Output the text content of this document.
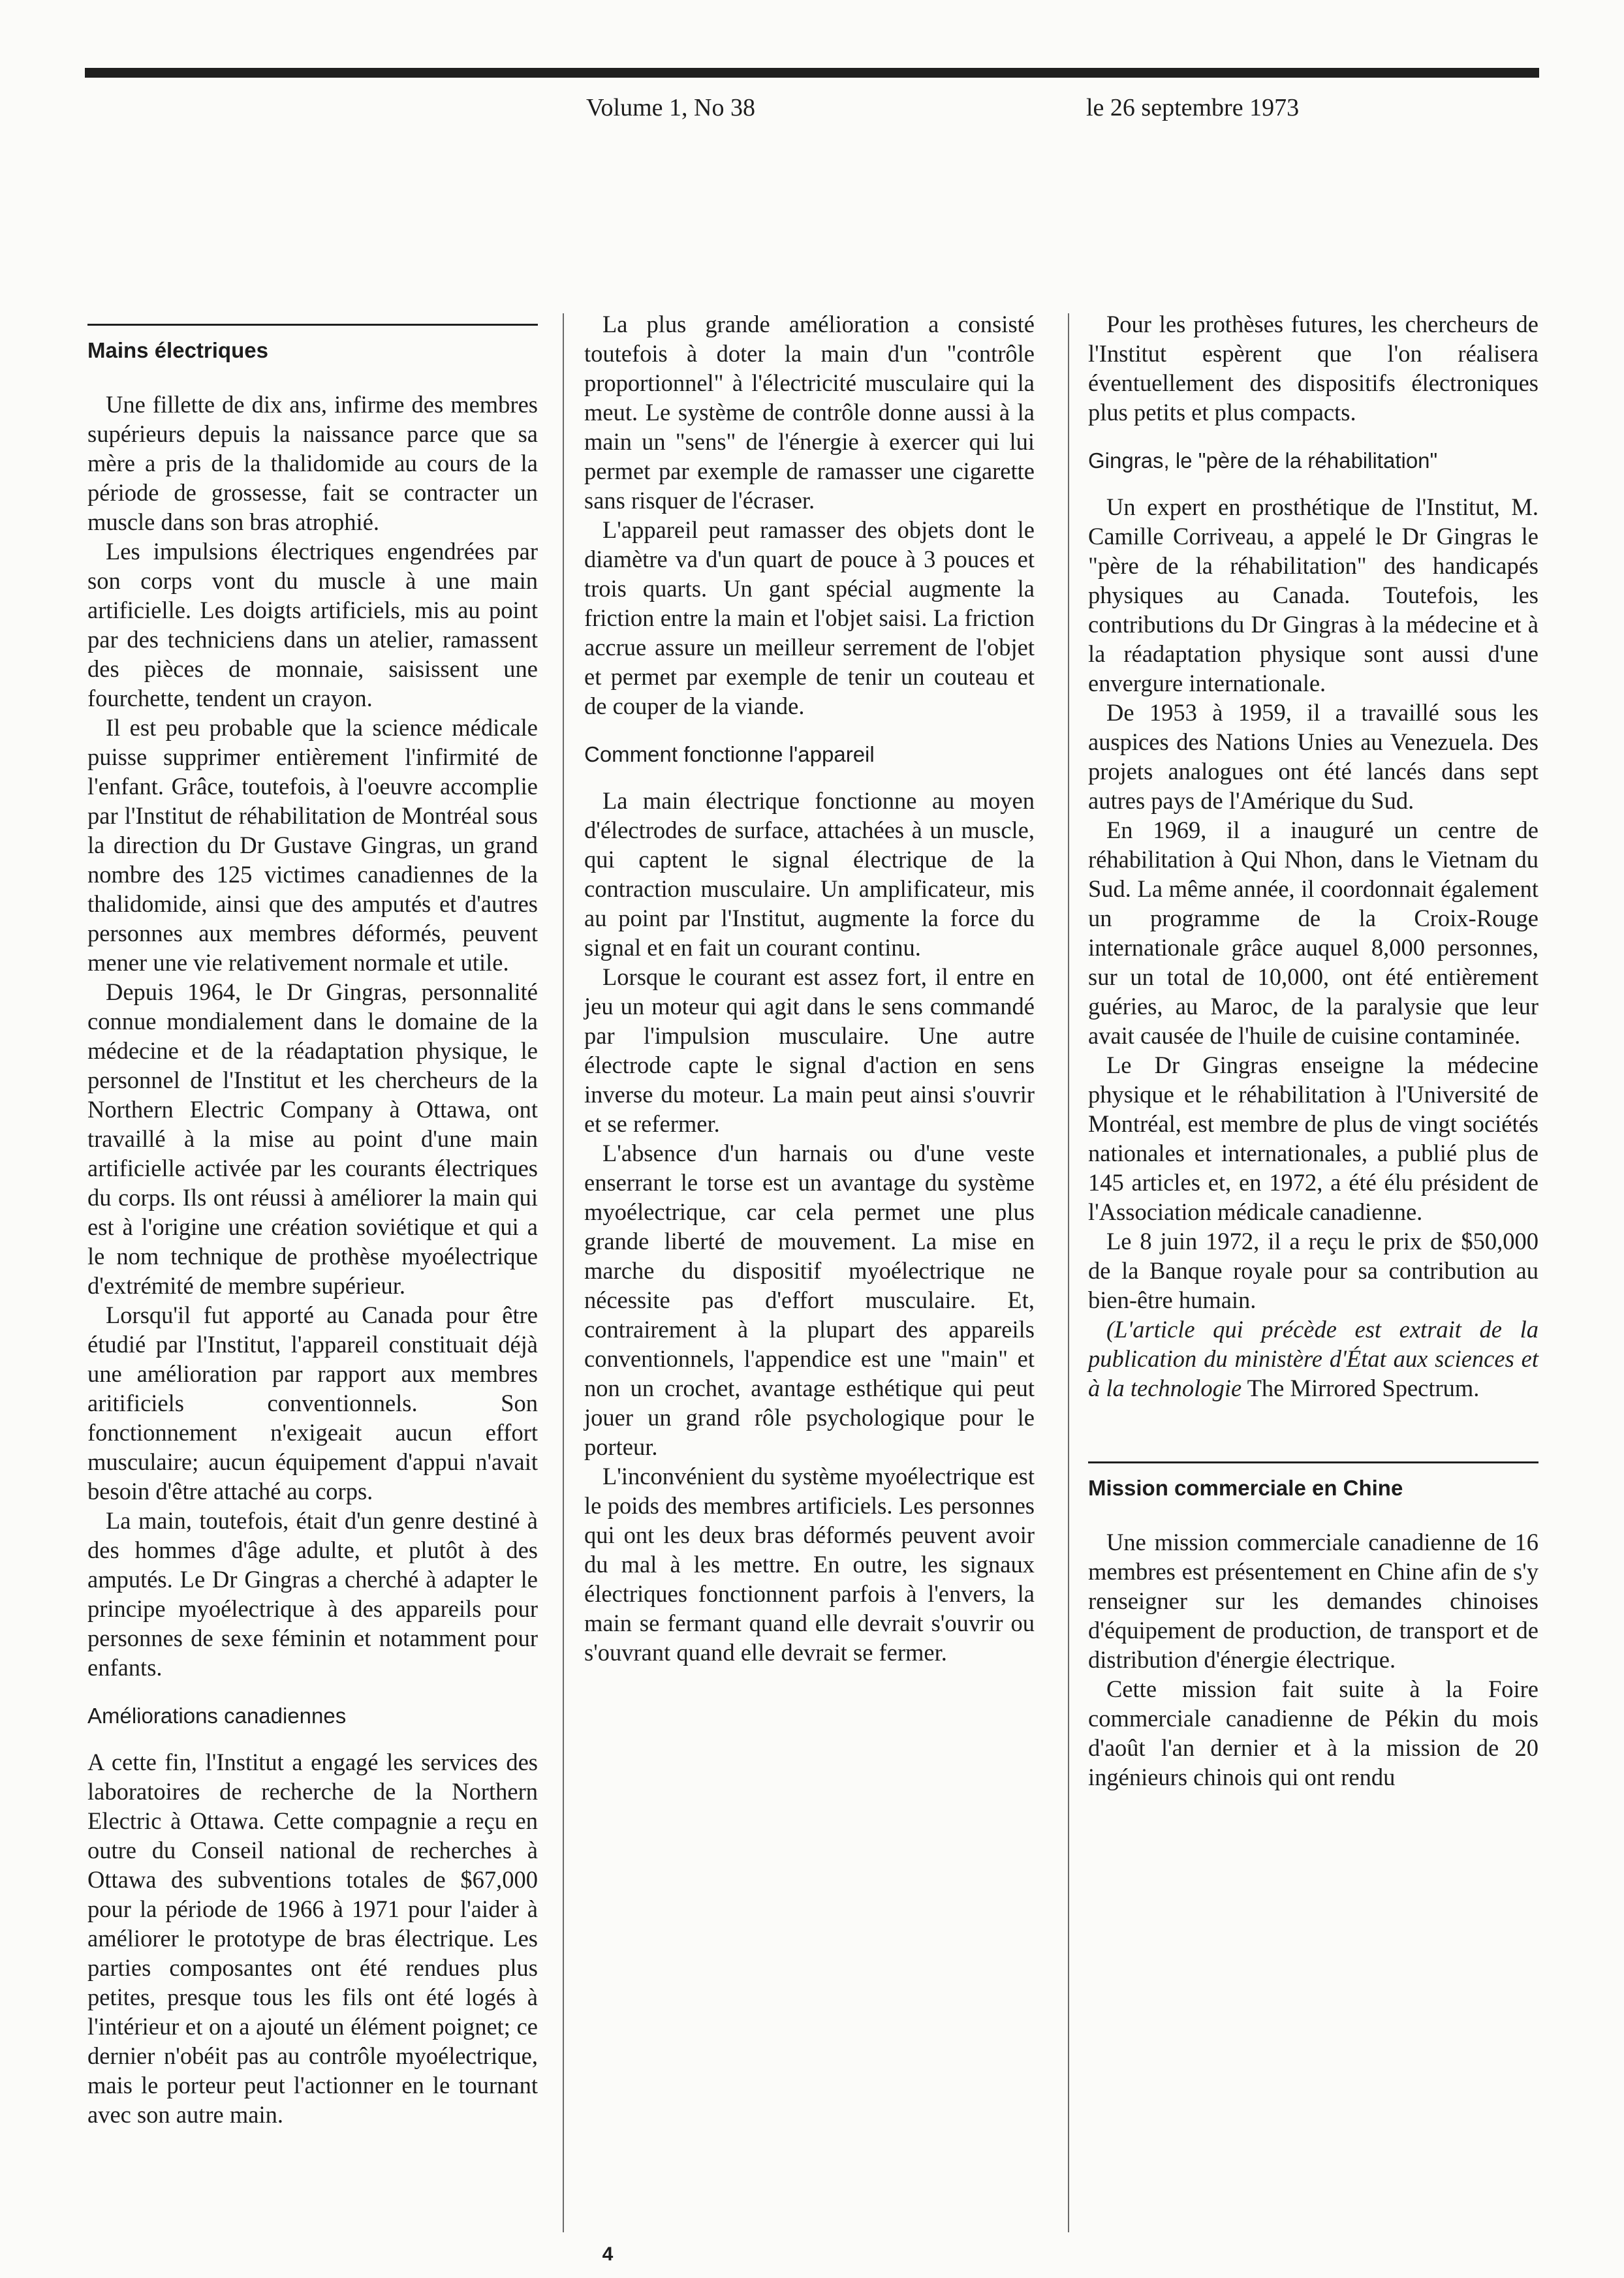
Volume 1, No 38	le 26 septembre 1973
Mains électriques

Une fillette de dix ans, infirme des membres supérieurs depuis la naissance parce que sa mère a pris de la thalidomide au cours de la période de grossesse, fait se contracter un muscle dans son bras atrophié.

Les impulsions électriques engendrées par son corps vont du muscle à une main artificielle. Les doigts artificiels, mis au point par des techniciens dans un atelier, ramassent des pièces de monnaie, saisissent une fourchette, tendent un crayon.

Il est peu probable que la science médicale puisse supprimer entièrement l'infirmité de l'enfant. Grâce, toutefois, à l'oeuvre accomplie par l'Institut de réhabilitation de Montréal sous la direction du Dr Gustave Gingras, un grand nombre des 125 victimes canadiennes de la thalidomide, ainsi que des amputés et d'autres personnes aux membres déformés, peuvent mener une vie relativement normale et utile.

Depuis 1964, le Dr Gingras, personnalité connue mondialement dans le domaine de la médecine et de la réadaptation physique, le personnel de l'Institut et les chercheurs de la Northern Electric Company à Ottawa, ont travaillé à la mise au point d'une main artificielle activée par les courants électriques du corps. Ils ont réussi à améliorer la main qui est à l'origine une création soviétique et qui a le nom technique de prothèse myoélectrique d'extrémité de membre supérieur.

Lorsqu'il fut apporté au Canada pour être étudié par l'Institut, l'appareil constituait déjà une amélioration par rapport aux membres aritificiels conventionnels. Son fonctionnement n'exigeait aucun effort musculaire; aucun équipement d'appui n'avait besoin d'être attaché au corps.

La main, toutefois, était d'un genre destiné à des hommes d'âge adulte, et plutôt à des amputés. Le Dr Gingras a cherché à adapter le principe myoélectrique à des appareils pour personnes de sexe féminin et notamment pour enfants.

Améliorations canadiennes

A cette fin, l'Institut a engagé les services des laboratoires de recherche de la Northern Electric à Ottawa. Cette compagnie a reçu en outre du Conseil national de recherches à Ottawa des subventions totales de $67,000 pour la période de 1966 à 1971 pour l'aider à améliorer le prototype de bras électrique. Les parties composantes ont été rendues plus petites, presque tous les fils ont été logés à l'intérieur et on a ajouté un élément poignet; ce dernier n'obéit pas au contrôle myoélectrique, mais le porteur peut l'actionner en le tournant avec son autre main.

La plus grande amélioration a consisté toutefois à doter la main d'un "contrôle proportionnel" à l'électricité musculaire qui la meut. Le système de contrôle donne aussi à la main un "sens" de l'énergie à exercer qui lui permet par exemple de ramasser une cigarette sans risquer de l'écraser.

L'appareil peut ramasser des objets dont le diamètre va d'un quart de pouce à 3 pouces et trois quarts. Un gant spécial augmente la friction entre la main et l'objet saisi. La friction accrue assure un meilleur serrement de l'objet et permet par exemple de tenir un couteau et de couper de la viande.

Comment fonctionne l'appareil

La main électrique fonctionne au moyen d'électrodes de surface, attachées à un muscle, qui captent le signal électrique de la contraction musculaire. Un amplificateur, mis au point par l'Institut, augmente la force du signal et en fait un courant continu.

Lorsque le courant est assez fort, il entre en jeu un moteur qui agit dans le sens commandé par l'impulsion musculaire. Une autre électrode capte le signal d'action en sens inverse du moteur. La main peut ainsi s'ouvrir et se refermer.

L'absence d'un harnais ou d'une veste enserrant le torse est un avantage du système myoélectrique, car cela permet une plus grande liberté de mouvement. La mise en marche du dispositif myoélectrique ne nécessite pas d'effort musculaire. Et, contrairement à la plupart des appareils conventionnels, l'appendice est une "main" et non un crochet, avantage esthétique qui peut jouer un grand rôle psychologique pour le porteur.

L'inconvénient du système myoélectrique est le poids des membres artificiels. Les personnes qui ont les deux bras déformés peuvent avoir du mal à les mettre. En outre, les signaux électriques fonctionnent parfois à l'envers, la main se fermant quand elle devrait s'ouvrir ou s'ouvrant quand elle devrait se fermer.

Pour les prothèses futures, les chercheurs de l'Institut espèrent que l'on réalisera éventuellement des dispositifs électroniques plus petits et plus compacts.

Gingras, le "père de la réhabilitation"

Un expert en prosthétique de l'Institut, M. Camille Corriveau, a appelé le Dr Gingras le "père de la réhabilitation" des handicapés physiques au Canada. Toutefois, les contributions du Dr Gingras à la médecine et à la réadaptation physique sont aussi d'une envergure internationale.

De 1953 à 1959, il a travaillé sous les auspices des Nations Unies au Venezuela. Des projets analogues ont été lancés dans sept autres pays de l'Amérique du Sud.

En 1969, il a inauguré un centre de réhabilitation à Qui Nhon, dans le Vietnam du Sud. La même année, il coordonnait également un programme de la Croix-Rouge internationale grâce auquel 8,000 personnes, sur un total de 10,000, ont été entièrement guéries, au Maroc, de la paralysie que leur avait causée de l'huile de cuisine contaminée.

Le Dr Gingras enseigne la médecine physique et le réhabilitation à l'Université de Montréal, est membre de plus de vingt sociétés nationales et internationales, a publié plus de 145 articles et, en 1972, a été élu président de l'Association médicale canadienne.

Le 8 juin 1972, il a reçu le prix de $50,000 de la Banque royale pour sa contribution au bien-être humain.

(L'article qui précède est extrait de la publication du ministère d'État aux sciences et à la technologie The Mirrored Spectrum.

Mission commerciale en Chine

Une mission commerciale canadienne de 16 membres est présentement en Chine afin de s'y renseigner sur les demandes chinoises d'équipement de production, de transport et de distribution d'énergie électrique.

Cette mission fait suite à la Foire commerciale canadienne de Pékin du mois d'août l'an dernier et à la mission de 20 ingénieurs chinois qui ont rendu

4
